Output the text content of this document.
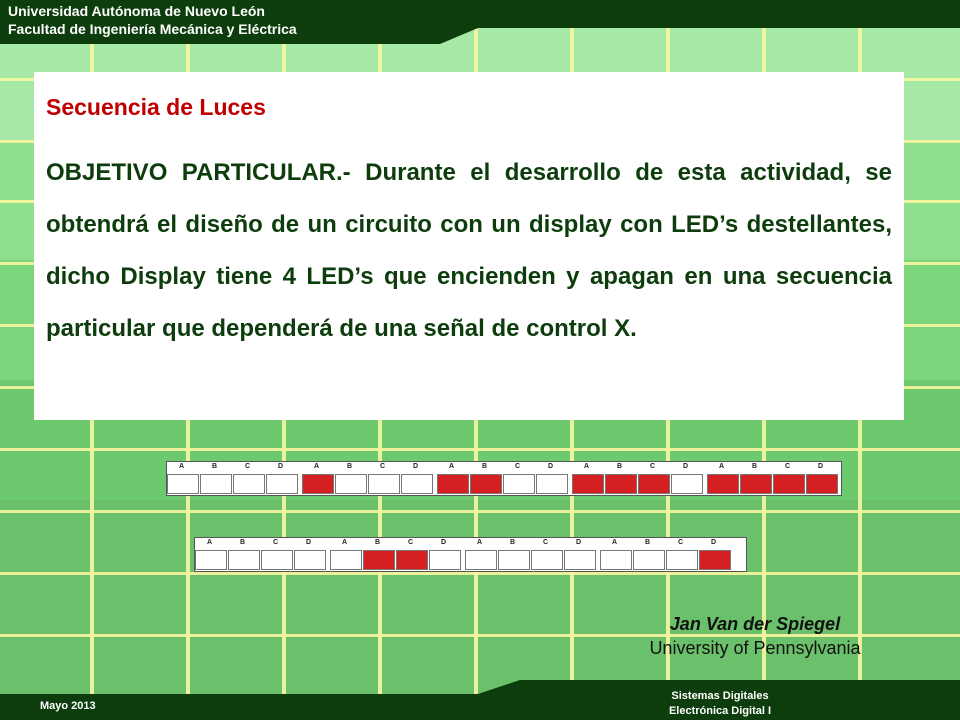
Universidad Autónoma de Nuevo León
Facultad de Ingeniería Mecánica y Eléctrica
Secuencia de Luces
OBJETIVO PARTICULAR.- Durante el desarrollo de esta actividad, se obtendrá el diseño de un circuito con un display con LED’s destellantes, dicho Display tiene 4 LED’s que encienden y apagan en una secuencia particular que dependerá de una señal de control X.
A	B	C	D	A	B	C	D	A	B	C	D	A	B	C	D	A	B	C	D
A	B	C	D	A	B	C	D	A	B	C	D	A	B	C	D
Jan Van der Spiegel
University of Pennsylvania
Mayo 2013
Sistemas Digitales
Electrónica Digital I
